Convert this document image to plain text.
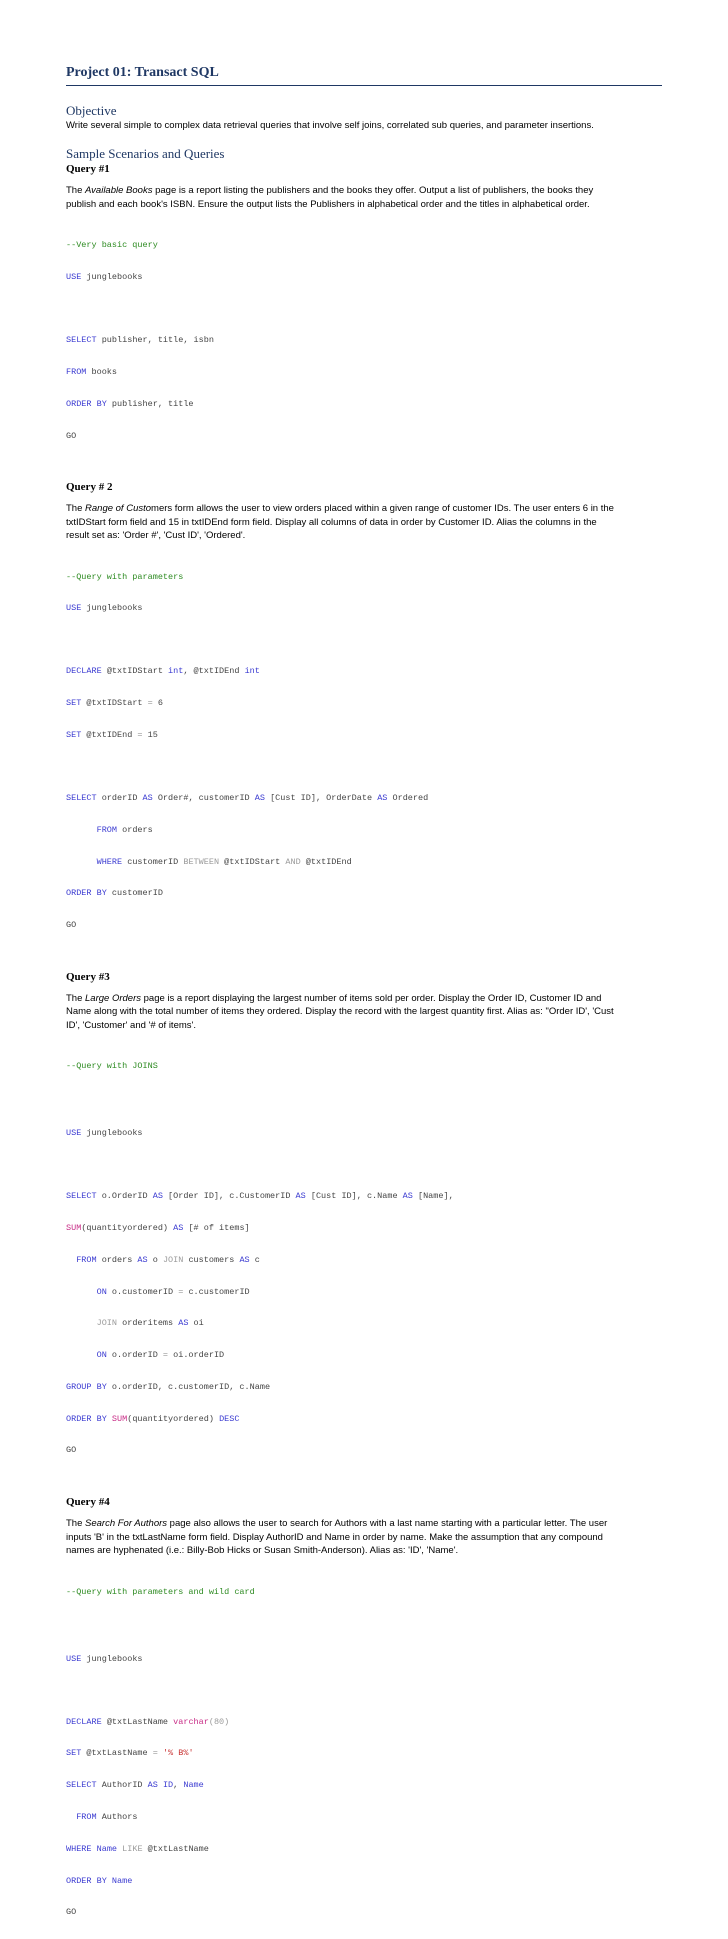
Project 01: Transact SQL
Objective

Write several simple to complex data retrieval queries that involve self joins, correlated sub queries, and parameter insertions.

Sample Scenarios and Queries
Query #1

The Available Books page is a report listing the publishers and the books they offer. Output a list of publishers, the books they
publish and each book's ISBN. Ensure the output lists the Publishers in alphabetical order and the titles in alphabetical order.

--Very basic query

USE junglebooks

SELECT publisher, title, isbn

FROM books

ORDER BY publisher, title

GO

Query # 2

The Range of Customers form allows the user to view orders placed within a given range of customer IDs. The user enters 6 in the
txtIDStart form field and 15 in txtIDEnd form field. Display all columns of data in order by Customer ID. Alias the columns in the
result set as: 'Order #', 'Cust ID', 'Ordered'.

--Query with parameters

USE junglebooks

DECLARE @txtIDStart int, @txtIDEnd int

SET @txtIDStart = 6

SET @txtIDEnd = 15

SELECT orderID AS Order#, customerID AS [Cust ID], OrderDate AS Ordered

FROM orders

WHERE customerID BETWEEN @txtIDStart AND @txtIDEnd

ORDER BY customerID

GO

Query #3

The Large Orders page is a report displaying the largest number of items sold per order. Display the Order ID, Customer ID and
Name along with the total number of items they ordered. Display the record with the largest quantity first. Alias as: "Order ID', 'Cust
ID', 'Customer' and '# of items'.

--Query with JOINS

USE junglebooks

SELECT o.OrderID AS [Order ID], c.CustomerID AS [Cust ID], c.Name AS [Name],

SUM(quantityordered) AS [# of items]

FROM orders AS o JOIN customers AS c

ON o.customerID = c.customerID

JOIN orderitems AS oi

ON o.orderID = oi.orderID

GROUP BY o.orderID, c.customerID, c.Name

ORDER BY SUM(quantityordered) DESC

GO

Query #4

The Search For Authors page also allows the user to search for Authors with a last name starting with a particular letter. The user
inputs 'B' in the txtLastName form field. Display AuthorID and Name in order by name. Make the assumption that any compound
names are hyphenated (i.e.: Billy-Bob Hicks or Susan Smith-Anderson). Alias as: 'ID', 'Name'.

--Query with parameters and wild card

USE junglebooks

DECLARE @txtLastName varchar(80)

SET @txtLastName = '% B%'

SELECT AuthorID AS ID, Name

FROM Authors

WHERE Name LIKE @txtLastName

ORDER BY Name

GO
